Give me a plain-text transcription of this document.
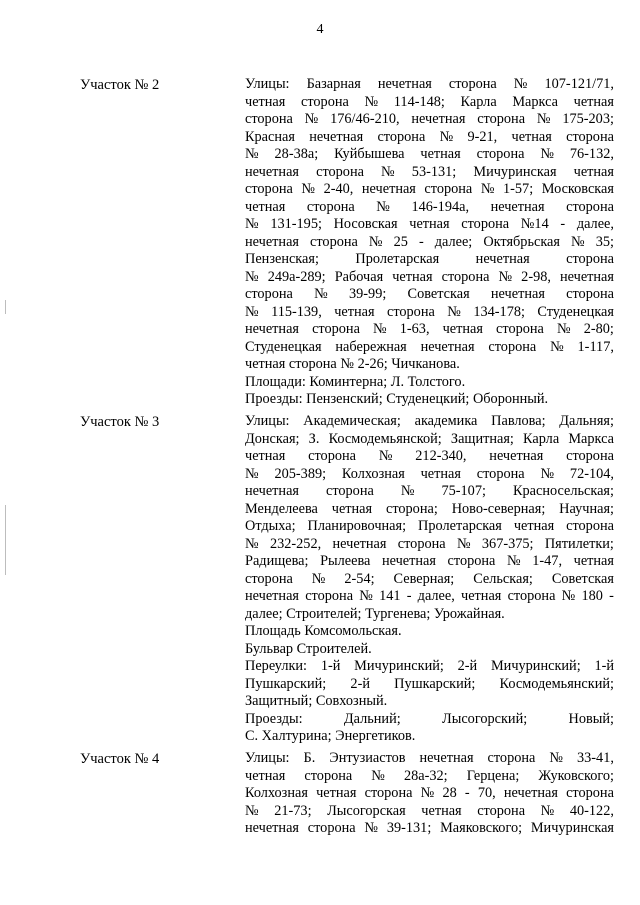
4
Участок № 2	Улицы: Базарная нечетная сторона № 107-121/71,
четная сторона № 114-148; Карла Маркса четная
сторона № 176/46-210, нечетная сторона № 175-203;
Красная нечетная сторона № 9-21, четная сторона
№ 28-38а; Куйбышева четная сторона № 76-132,
нечетная сторона № 53-131; Мичуринская четная
сторона № 2-40, нечетная сторона № 1-57; Московская
четная сторона № 146-194а, нечетная сторона
№ 131-195; Носовская четная сторона №14 - далее,
нечетная сторона № 25 - далее; Октябрьская № 35;
Пензенская;	Пролетарская	нечетная	сторона
№ 249а-289; Рабочая четная сторона № 2-98, нечетная
сторона № 39-99; Советская нечетная сторона
№ 115-139, четная сторона № 134-178; Студенецкая
нечетная сторона № 1-63, четная сторона № 2-80;
Студенецкая набережная нечетная сторона № 1-117,
четная сторона № 2-26; Чичканова.
Площади: Коминтерна; Л. Толстого.
Проезды: Пензенский; Студенецкий; Оборонный.
Участок № 3	Улицы: Академическая; академика Павлова; Дальняя;
Донская; З. Космодемьянской; Защитная; Карла Маркса
четная сторона № 212-340, нечетная сторона
№ 205-389; Колхозная четная сторона № 72-104,
нечетная сторона № 75-107; Красносельская;
Менделеева четная сторона; Ново-северная; Научная;
Отдыха; Планировочная; Пролетарская четная сторона
№ 232-252, нечетная сторона № 367-375; Пятилетки;
Радищева; Рылеева нечетная сторона № 1-47, четная
сторона № 2-54; Северная; Сельская; Советская
нечетная сторона № 141 - далее, четная сторона № 180 -
далее; Строителей; Тургенева; Урожайная.
Площадь Комсомольская.
Бульвар Строителей.
Переулки: 1-й Мичуринский; 2-й Мичуринский; 1-й
Пушкарский; 2-й Пушкарский; Космодемьянский;
Защитный; Совхозный.
Проезды:	Дальний;	Лысогорский;	Новый;
С. Халтурина; Энергетиков.
Участок № 4	Улицы: Б. Энтузиастов нечетная сторона № 33-41,
четная сторона № 28а-32; Герцена; Жуковского;
Колхозная четная сторона № 28 - 70, нечетная сторона
№ 21-73; Лысогорская четная сторона № 40-122,
нечетная сторона № 39-131; Маяковского; Мичуринская
